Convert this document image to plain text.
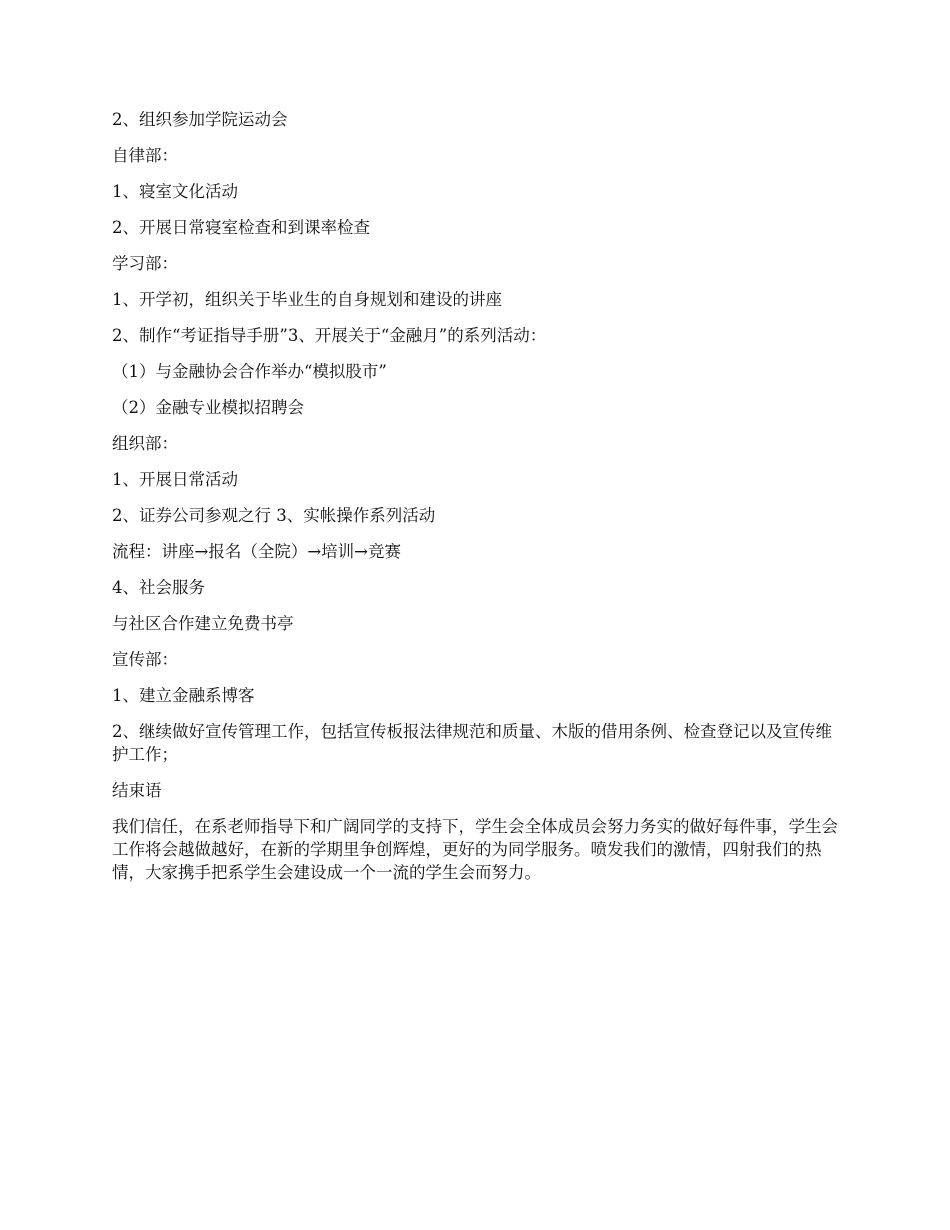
2、组织参加学院运动会

自律部：

1、寝室文化活动

2、开展日常寝室检查和到课率检查

学习部：

1、开学初，组织关于毕业生的自身规划和建设的讲座

2、制作“考证指导手册”3、开展关于“金融月”的系列活动：

（1）与金融协会合作举办“模拟股市”

（2）金融专业模拟招聘会

组织部：

1、开展日常活动

2、证券公司参观之行 3、实帐操作系列活动

流程：讲座→报名（全院）→培训→竞赛

4、社会服务

与社区合作建立免费书亭

宣传部：

1、建立金融系博客

2、继续做好宣传管理工作，包括宣传板报法律规范和质量、木版的借用条例、检查登记以及宣传维护工作；

结束语

我们信任，在系老师指导下和广阔同学的支持下，学生会全体成员会努力务实的做好每件事，学生会工作将会越做越好，在新的学期里争创辉煌，更好的为同学服务。喷发我们的激情，四射我们的热情，大家携手把系学生会建设成一个一流的学生会而努力。
